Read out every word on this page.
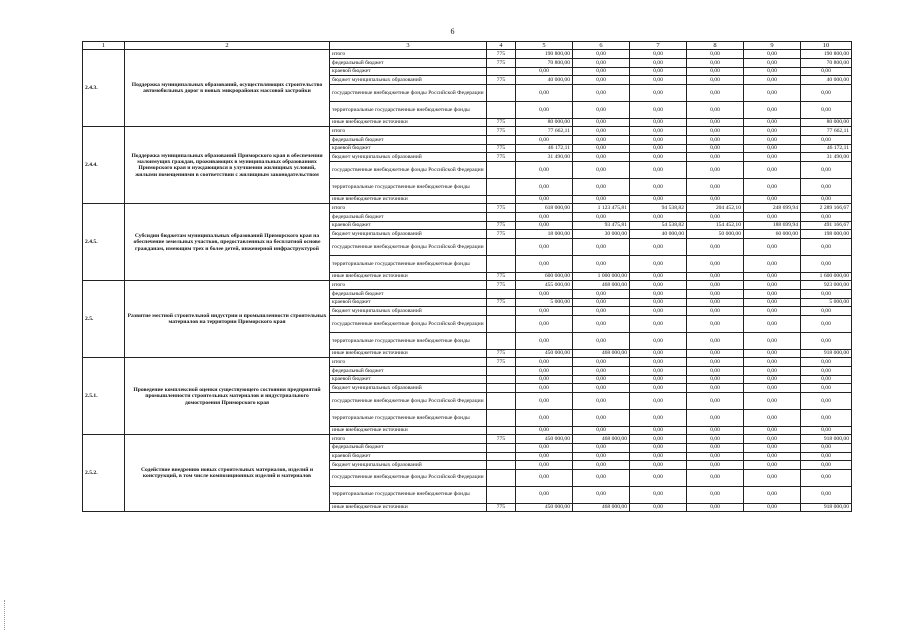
6
1	2	3	4	5	6	7	8	9	10
2.4.3.	Поддержка муниципальных образований, осуществляющих строительство автомобильных дорог в новых микрорайонах массовой застройки	итого	775	190 800,00	0,00	0,00	0,00	0,00	190 800,00
		федеральный бюджет	775	70 800,00	0,00	0,00	0,00	0,00	70 800,00
		краевой бюджет		0,00	0,00	0,00	0,00	0,00	0,00
		бюджет муниципальных образований	775	40 000,00	0,00	0,00	0,00	0,00	40 000,00
		государственные внебюджетные фонды Российской Федерации		0,00	0,00	0,00	0,00	0,00	0,00
		территориальные государственные внебюджетные фонды		0,00	0,00	0,00	0,00	0,00	0,00
		иные внебюджетные источники	775	80 000,00	0,00	0,00	0,00	0,00	80 000,00
2.4.4.	Поддержка муниципальных образований Приморского края в обеспечении малоимущих граждан, проживающих в муниципальных образованиях Приморского края и нуждающихся в улучшении жилищных условий, жилыми помещениями в соответствии с жилищным законодательством	итого	775	77 662,11	0,00	0,00	0,00	0,00	77 662,11
		федеральный бюджет		0,00	0,00	0,00	0,00	0,00	0,00
		краевой бюджет	775	46 172,11	0,00	0,00	0,00	0,00	46 172,11
		бюджет муниципальных образований	775	31 490,00	0,00	0,00	0,00	0,00	31 490,00
		государственные внебюджетные фонды Российской Федерации		0,00	0,00	0,00	0,00	0,00	0,00
		территориальные государственные внебюджетные фонды		0,00	0,00	0,00	0,00	0,00	0,00
		иные внебюджетные источники		0,00	0,00	0,00	0,00	0,00	0,00
2.4.5.	Субсидии бюджетам муниципальных образований Приморского края на обеспечение земельных участков, предоставленных на бесплатной основе гражданам, имеющим трех и более детей, инженерной инфраструктурой	итого	775	618 000,00	1 123 475,81	94 538,82	204 452,10	248 699,94	2 289 166,67
		федеральный бюджет		0,00	0,00	0,00	0,00	0,00	0,00
		краевой бюджет	775	0,00	93 475,81	54 538,82	154 452,10	188 699,94	491 166,67
		бюджет муниципальных образований	775	18 000,00	30 000,00	40 000,00	50 000,00	60 000,00	198 000,00
		государственные внебюджетные фонды Российской Федерации		0,00	0,00	0,00	0,00	0,00	0,00
		территориальные государственные внебюджетные фонды		0,00	0,00	0,00	0,00	0,00	0,00
		иные внебюджетные источники	775	600 000,00	1 000 000,00	0,00	0,00	0,00	1 600 000,00
2.5.	Развитие местной строительной индустрии и промышленности строительных материалов на территории Приморского края	итого	775	455 000,00	468 000,00	0,00	0,00	0,00	923 000,00
		федеральный бюджет		0,00	0,00	0,00	0,00	0,00	0,00
		краевой бюджет	775	5 000,00	0,00	0,00	0,00	0,00	5 000,00
		бюджет муниципальных образований		0,00	0,00	0,00	0,00	0,00	0,00
		государственные внебюджетные фонды Российской Федерации		0,00	0,00	0,00	0,00	0,00	0,00
		территориальные государственные внебюджетные фонды		0,00	0,00	0,00	0,00	0,00	0,00
		иные внебюджетные источники	775	450 000,00	468 000,00	0,00	0,00	0,00	918 000,00
2.5.1.	Проведение комплексной оценки существующего состояния предприятий промышленности строительных материалов и индустриального домостроения Приморского края	итого	775	0,00	0,00	0,00	0,00	0,00	0,00
		федеральный бюджет		0,00	0,00	0,00	0,00	0,00	0,00
		краевой бюджет		0,00	0,00	0,00	0,00	0,00	0,00
		бюджет муниципальных образований		0,00	0,00	0,00	0,00	0,00	0,00
		государственные внебюджетные фонды Российской Федерации		0,00	0,00	0,00	0,00	0,00	0,00
		территориальные государственные внебюджетные фонды		0,00	0,00	0,00	0,00	0,00	0,00
		иные внебюджетные источники		0,00	0,00	0,00	0,00	0,00	0,00
2.5.2.	Содействие внедрению новых строительных материалов, изделий и конструкций, в том числе композиционных изделий и материалов	итого	775	450 000,00	468 000,00	0,00	0,00	0,00	918 000,00
		федеральный бюджет		0,00	0,00	0,00	0,00	0,00	0,00
		краевой бюджет		0,00	0,00	0,00	0,00	0,00	0,00
		бюджет муниципальных образований		0,00	0,00	0,00	0,00	0,00	0,00
		государственные внебюджетные фонды Российской Федерации		0,00	0,00	0,00	0,00	0,00	0,00
		территориальные государственные внебюджетные фонды		0,00	0,00	0,00	0,00	0,00	0,00
		иные внебюджетные источники	775	450 000,00	468 000,00	0,00	0,00	0,00	918 000,00
